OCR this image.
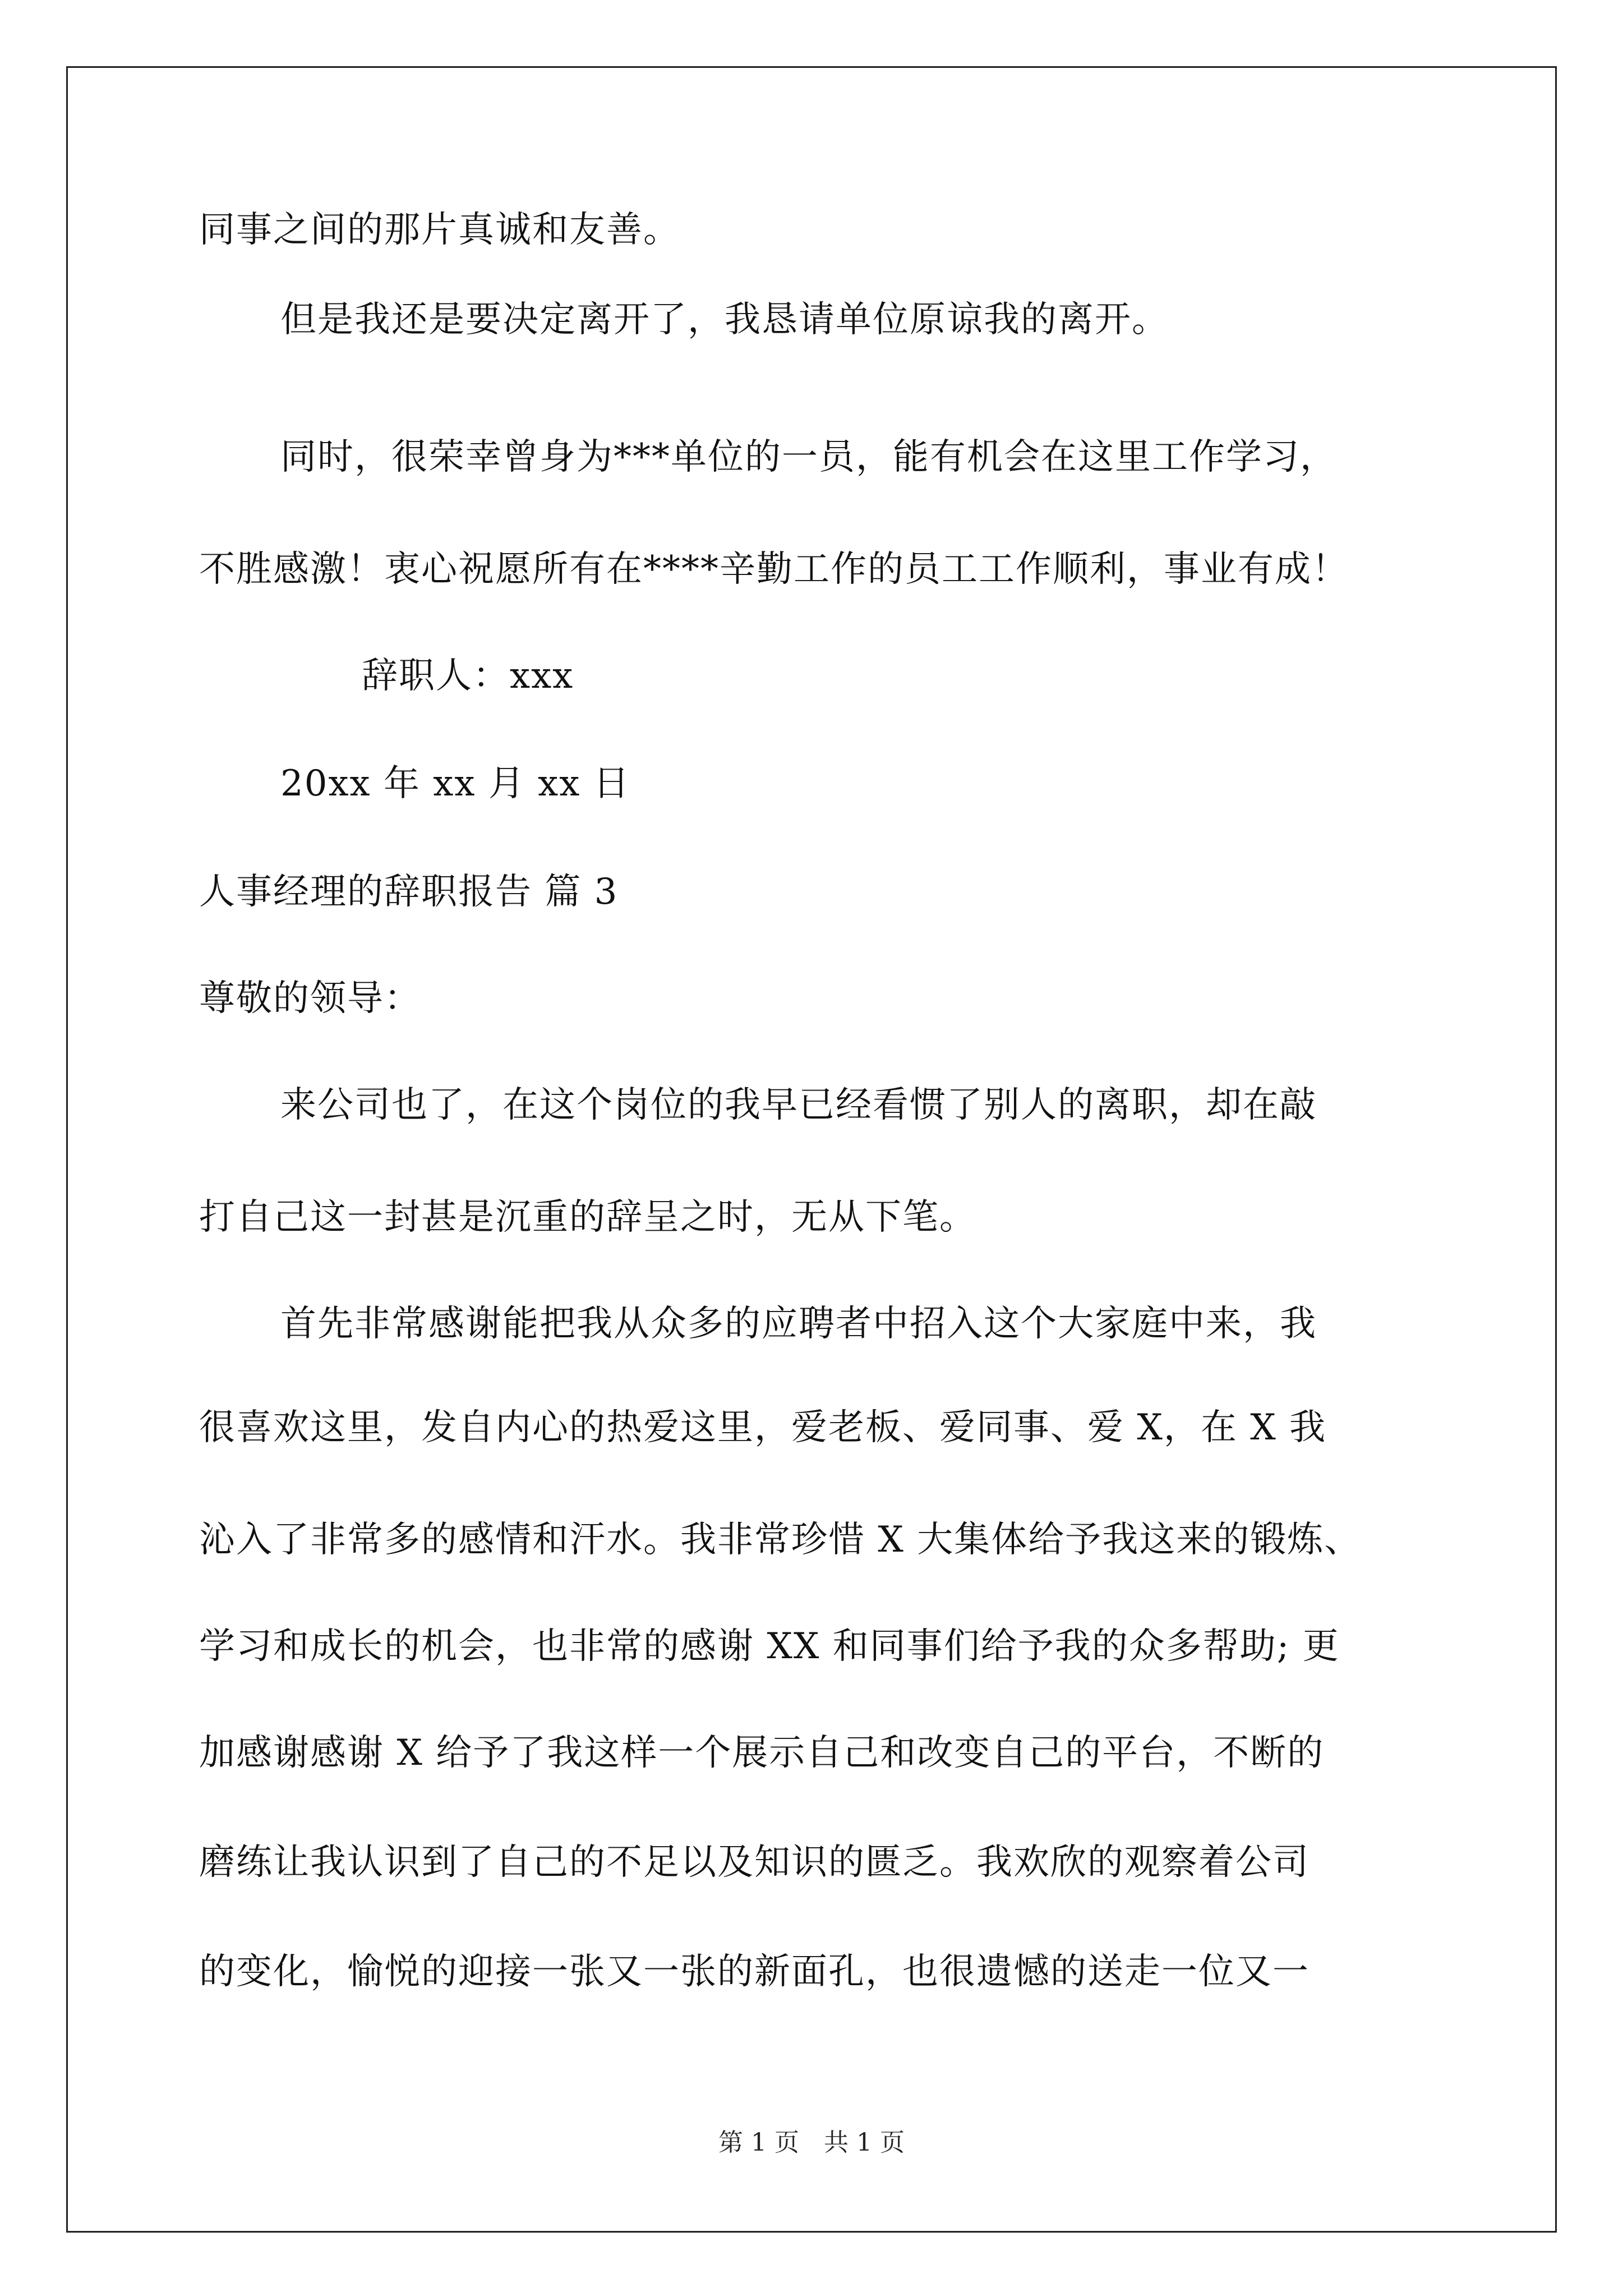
同事之间的那片真诚和友善。
但是我还是要决定离开了，我恳请单位原谅我的离开。
同时，很荣幸曾身为***单位的一员，能有机会在这里工作学习，
不胜感激！衷心祝愿所有在****辛勤工作的员工工作顺利，事业有成！
辞职人：xxx
20xx 年 xx 月 xx 日
人事经理的辞职报告 篇 3
尊敬的领导：
来公司也了，在这个岗位的我早已经看惯了别人的离职，却在敲
打自己这一封甚是沉重的辞呈之时，无从下笔。
首先非常感谢能把我从众多的应聘者中招入这个大家庭中来，我
很喜欢这里，发自内心的热爱这里，爱老板、爱同事、爱 X，在 X 我
沁入了非常多的感情和汗水。我非常珍惜 X 大集体给予我这来的锻炼、
学习和成长的机会，也非常的感谢 XX 和同事们给予我的众多帮助; 更
加感谢感谢 X 给予了我这样一个展示自己和改变自己的平台，不断的
磨练让我认识到了自己的不足以及知识的匮乏。我欢欣的观察着公司
的变化，愉悦的迎接一张又一张的新面孔，也很遗憾的送走一位又一
第 1 页　共 1 页
